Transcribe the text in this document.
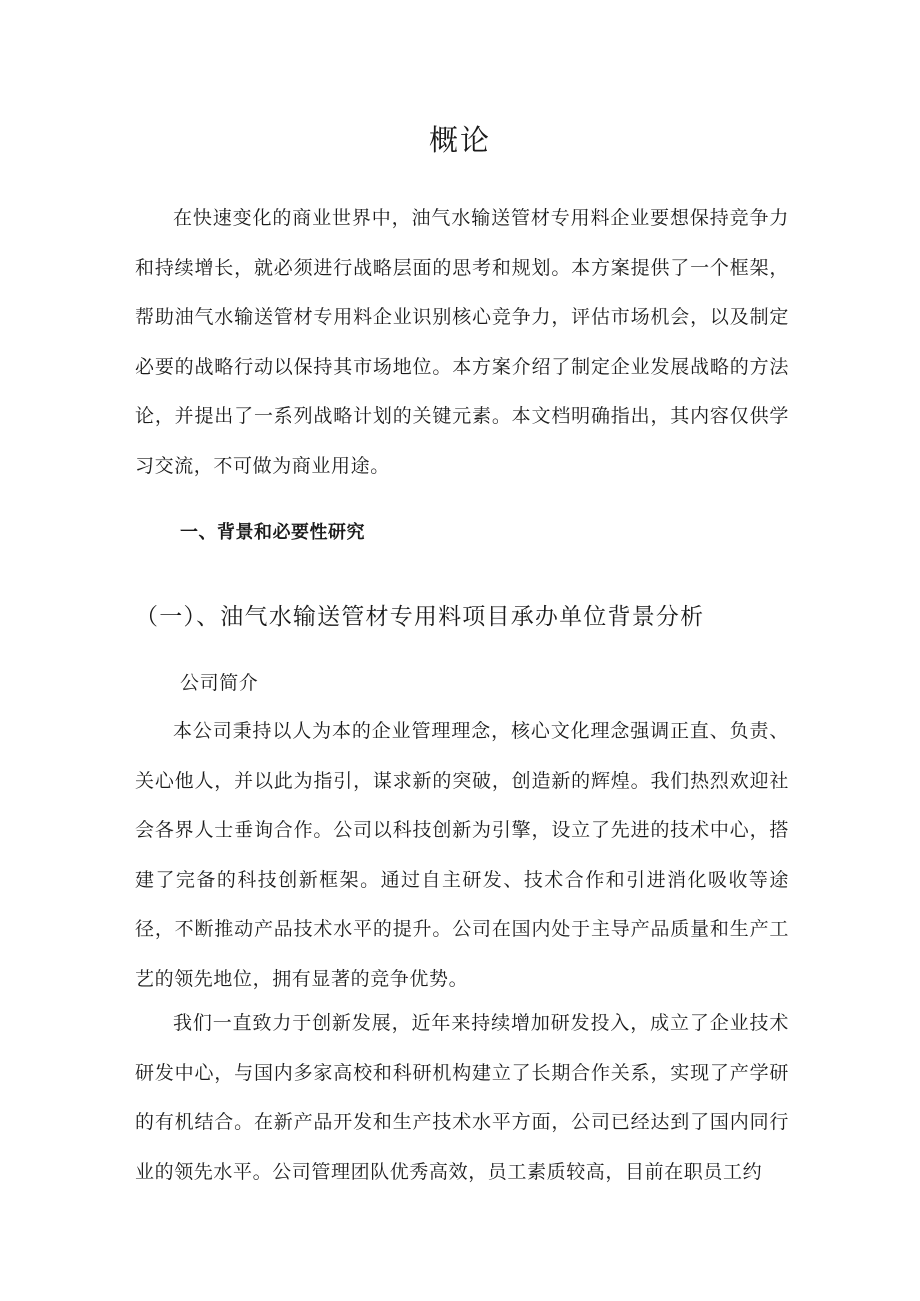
概论

在快速变化的商业世界中，油气水输送管材专用料企业要想保持竞争力和持续增长，就必须进行战略层面的思考和规划。本方案提供了一个框架，帮助油气水输送管材专用料企业识别核心竞争力，评估市场机会，以及制定必要的战略行动以保持其市场地位。本方案介绍了制定企业发展战略的方法论，并提出了一系列战略计划的关键元素。本文档明确指出，其内容仅供学习交流，不可做为商业用途。

一、背景和必要性研究
（一）、油气水输送管材专用料项目承办单位背景分析
公司简介

本公司秉持以人为本的企业管理理念，核心文化理念强调正直、负责、关心他人，并以此为指引，谋求新的突破，创造新的辉煌。我们热烈欢迎社会各界人士垂询合作。公司以科技创新为引擎，设立了先进的技术中心，搭建了完备的科技创新框架。通过自主研发、技术合作和引进消化吸收等途径，不断推动产品技术水平的提升。公司在国内处于主导产品质量和生产工艺的领先地位，拥有显著的竞争优势。

我们一直致力于创新发展，近年来持续增加研发投入，成立了企业技术研发中心，与国内多家高校和科研机构建立了长期合作关系，实现了产学研的有机结合。在新产品开发和生产技术水平方面，公司已经达到了国内同行业的领先水平。公司管理团队优秀高效，员工素质较高，目前在职员工约
